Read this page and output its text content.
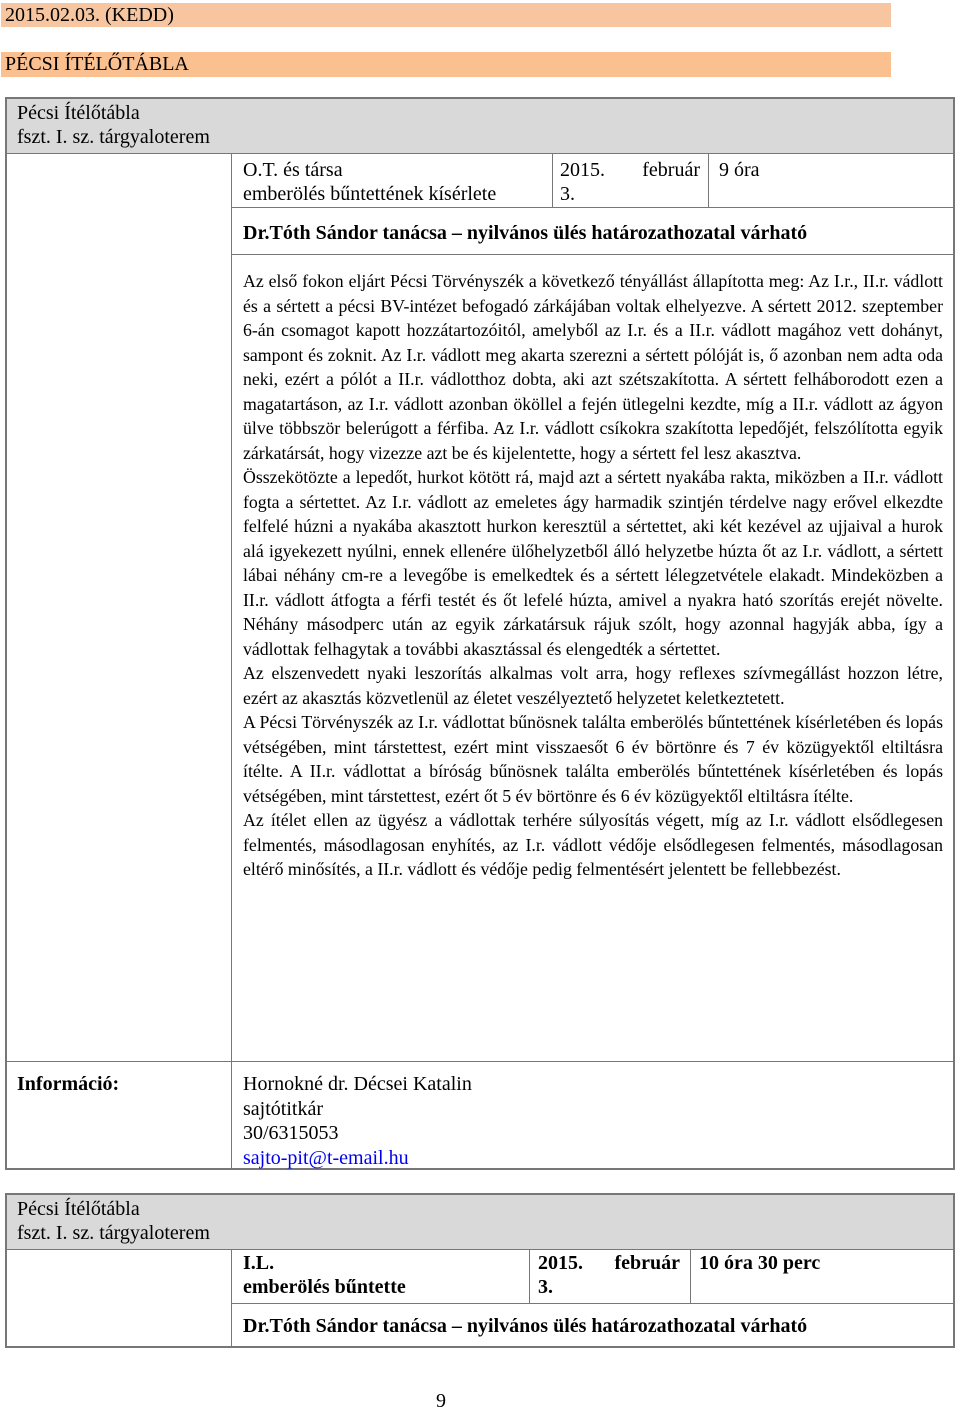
2015.02.03. (KEDD)
PÉCSI ÍTÉLŐTÁBLA
Pécsi Ítélőtábla
fszt. I. sz. tárgyaloterem
O.T. és társa
emberölés bűntettének kísérlete
2015. február
3.
9 óra
Dr.Tóth Sándor tanácsa – nyilvános ülés határozathozatal várható

Az első fokon eljárt Pécsi Törvényszék a következő tényállást állapította meg: Az I.r., II.r. vádlott és a sértett a pécsi BV-intézet befogadó zárkájában voltak elhelyezve. A sértett 2012. szeptember 6-án csomagot kapott hozzátartozóitól, amelyből az I.r. és a II.r. vádlott magához vett dohányt, sampont és zoknit. Az I.r. vádlott meg akarta szerezni a sértett pólóját is, ő azonban nem adta oda neki, ezért a pólót a II.r. vádlotthoz dobta, aki azt szétszakította. A sértett felháborodott ezen a magatartáson, az I.r. vádlott azonban ököllel a fején ütlegelni kezdte, míg a II.r. vádlott az ágyon ülve többször belerúgott a férfiba. Az I.r. vádlott csíkokra szakította lepedőjét, felszólította egyik zárkatársát, hogy vizezze azt be és kijelentette, hogy a sértett fel lesz akasztva.

Összekötözte a lepedőt, hurkot kötött rá, majd azt a sértett nyakába rakta, miközben a II.r. vádlott fogta a sértettet. Az I.r. vádlott az emeletes ágy harmadik szintjén térdelve nagy erővel elkezdte felfelé húzni a nyakába akasztott hurkon keresztül a sértettet, aki két kezével az ujjaival a hurok alá igyekezett nyúlni, ennek ellenére ülőhelyzetből álló helyzetbe húzta őt az I.r. vádlott, a sértett lábai néhány cm-re a levegőbe is emelkedtek és a sértett lélegzetvétele elakadt. Mindeközben a II.r. vádlott átfogta a férfi testét és őt lefelé húzta, amivel a nyakra ható szorítás erejét növelte. Néhány másodperc után az egyik zárkatársuk rájuk szólt, hogy azonnal hagyják abba, így a vádlottak felhagytak a további akasztással és elengedték a sértettet.

Az elszenvedett nyaki leszorítás alkalmas volt arra, hogy reflexes szívmegállást hozzon létre, ezért az akasztás közvetlenül az életet veszélyeztető helyzetet keletkeztetett.

A Pécsi Törvényszék az I.r. vádlottat bűnösnek találta emberölés bűntettének kísérletében és lopás vétségében, mint társtettest, ezért mint visszaesőt 6 év börtönre és 7 év közügyektől eltiltásra ítélte. A II.r. vádlottat a bíróság bűnösnek találta emberölés bűntettének kísérletében és lopás vétségében, mint társtettest, ezért őt 5 év börtönre és 6 év közügyektől eltiltásra ítélte.

Az ítélet ellen az ügyész a vádlottak terhére súlyosítás végett, míg az I.r. vádlott elsődlegesen felmentés, másodlagosan enyhítés, az I.r. vádlott védője elsődlegesen felmentés, másodlagosan eltérő minősítés, a II.r. vádlott és védője pedig felmentésért jelentett be fellebbezést.

Információ:	Hornokné dr. Décsei Katalin
sajtótitkár
30/6315053
sajto-pit@t-email.hu
Pécsi Ítélőtábla
fszt. I. sz. tárgyaloterem
I.L.
emberölés bűntette
2015. február
3.
10 óra 30 perc
Dr.Tóth Sándor tanácsa – nyilvános ülés határozathozatal várható
9
